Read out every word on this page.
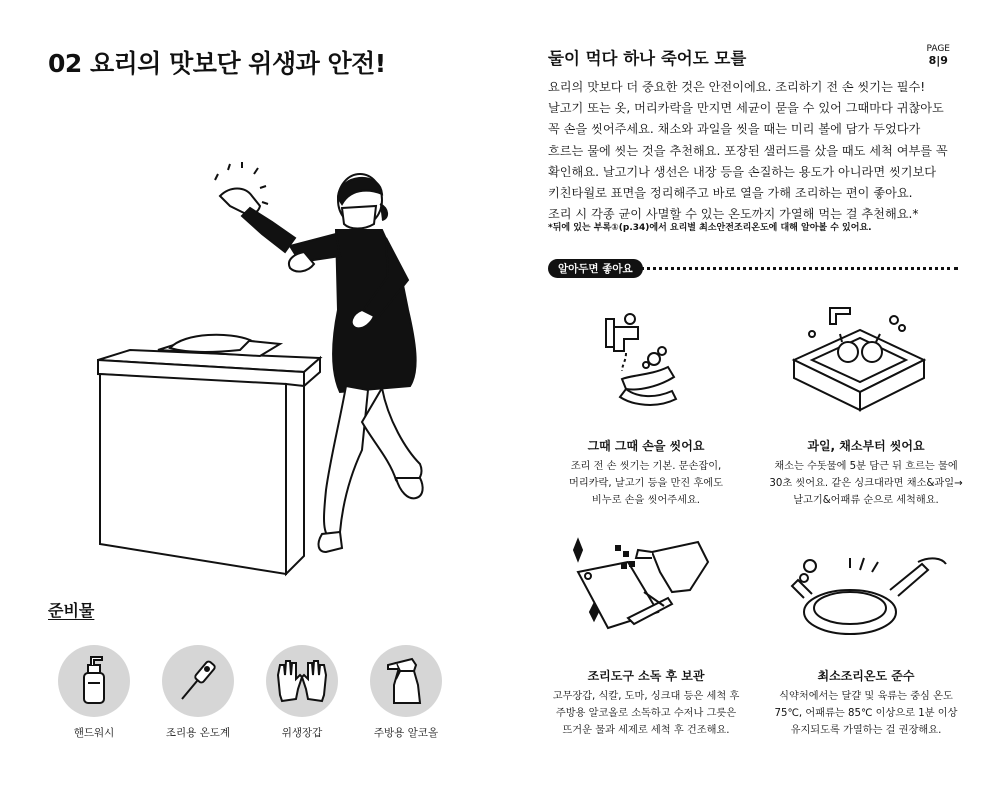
02 요리의 맛보단 위생과 안전!
준비물
핸드워시	조리용 온도계	위생장갑	주방용 알코올
PAGE
8|9
둘이 먹다 하나 죽어도 모를

요리의 맛보다 더 중요한 것은 안전이에요. 조리하기 전 손 씻기는 필수!

날고기 또는 옷, 머리카락을 만지면 세균이 묻을 수 있어 그때마다 귀찮아도

꼭 손을 씻어주세요. 채소와 과일을 씻을 때는 미리 볼에 담가 두었다가

흐르는 물에 씻는 것을 추천해요. 포장된 샐러드를 샀을 때도 세척 여부를 꼭

확인해요. 날고기나 생선은 내장 등을 손질하는 용도가 아니라면 씻기보다

키친타월로 표면을 정리해주고 바로 열을 가해 조리하는 편이 좋아요.

조리 시 각종 균이 사멸할 수 있는 온도까지 가열해 먹는 걸 추천해요.*

*뒤에 있는 부록①(p.34)에서 요리별 최소안전조리온도에 대해 알아볼 수 있어요.
알아두면 좋아요
그때 그때 손을 씻어요
조리 전 손 씻기는 기본. 문손잡이,
머리카락, 날고기 등을 만진 후에도
비누로 손을 씻어주세요.
과일, 채소부터 씻어요
채소는 수돗물에 5분 담근 뒤 흐르는 물에
30초 씻어요. 같은 싱크대라면 채소&과일→
날고기&어패류 순으로 세척해요.
조리도구 소독 후 보관
고무장갑, 식칼, 도마, 싱크대 등은 세척 후
주방용 알코올로 소독하고 수저나 그릇은
뜨거운 물과 세제로 세척 후 건조해요.
최소조리온도 준수
식약처에서는 달걀 및 육류는 중심 온도
75℃, 어패류는 85℃ 이상으로 1분 이상
유지되도록 가열하는 걸 권장해요.
